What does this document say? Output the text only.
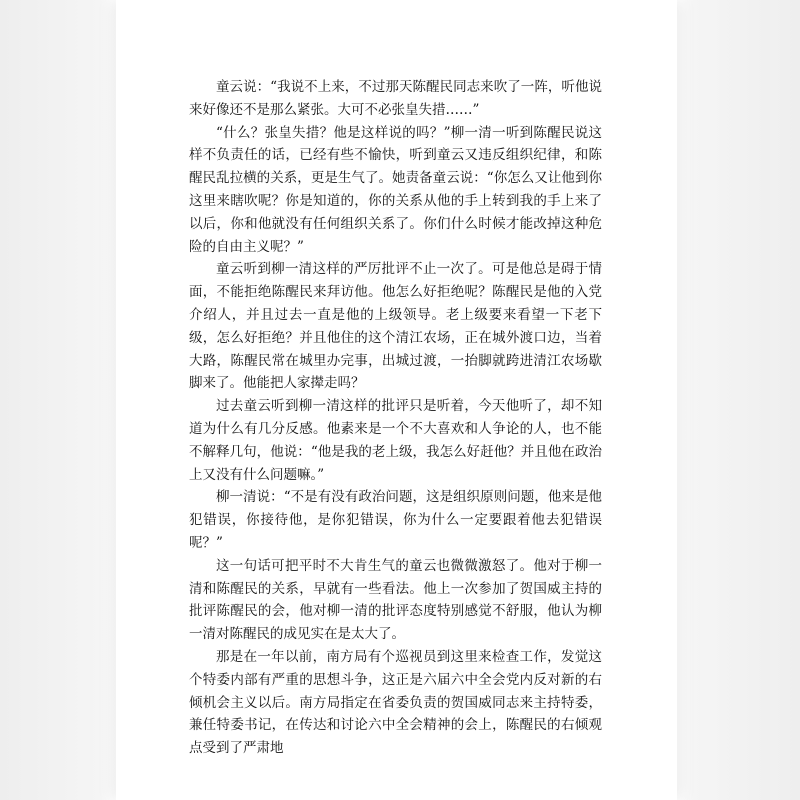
童云说：“我说不上来，不过那天陈醒民同志来吹了一阵，听他说来好像还不是那么紧张。大可不必张皇失措……”

“什么？张皇失措？他是这样说的吗？”柳一清一听到陈醒民说这样不负责任的话，已经有些不愉快，听到童云又违反组织纪律，和陈醒民乱拉横的关系，更是生气了。她责备童云说：“你怎么又让他到你这里来瞎吹呢？你是知道的，你的关系从他的手上转到我的手上来了以后，你和他就没有任何组织关系了。你们什么时候才能改掉这种危险的自由主义呢？”

童云听到柳一清这样的严厉批评不止一次了。可是他总是碍于情面，不能拒绝陈醒民来拜访他。他怎么好拒绝呢？陈醒民是他的入党介绍人，并且过去一直是他的上级领导。老上级要来看望一下老下级，怎么好拒绝？并且他住的这个清江农场，正在城外渡口边，当着大路，陈醒民常在城里办完事，出城过渡，一抬脚就跨进清江农场歇脚来了。他能把人家撵走吗？

过去童云听到柳一清这样的批评只是听着，今天他听了，却不知道为什么有几分反感。他素来是一个不大喜欢和人争论的人，也不能不解释几句，他说：“他是我的老上级，我怎么好赶他？并且他在政治上又没有什么问题嘛。”

柳一清说：“不是有没有政治问题，这是组织原则问题，他来是他犯错误，你接待他，是你犯错误，你为什么一定要跟着他去犯错误呢？”

这一句话可把平时不大肯生气的童云也微微激怒了。他对于柳一清和陈醒民的关系，早就有一些看法。他上一次参加了贺国威主持的批评陈醒民的会，他对柳一清的批评态度特别感觉不舒服，他认为柳一清对陈醒民的成见实在是太大了。

那是在一年以前，南方局有个巡视员到这里来检查工作，发觉这个特委内部有严重的思想斗争，这正是六届六中全会党内反对新的右倾机会主义以后。南方局指定在省委负责的贺国威同志来主持特委，兼任特委书记，在传达和讨论六中全会精神的会上，陈醒民的右倾观点受到了严肃地
